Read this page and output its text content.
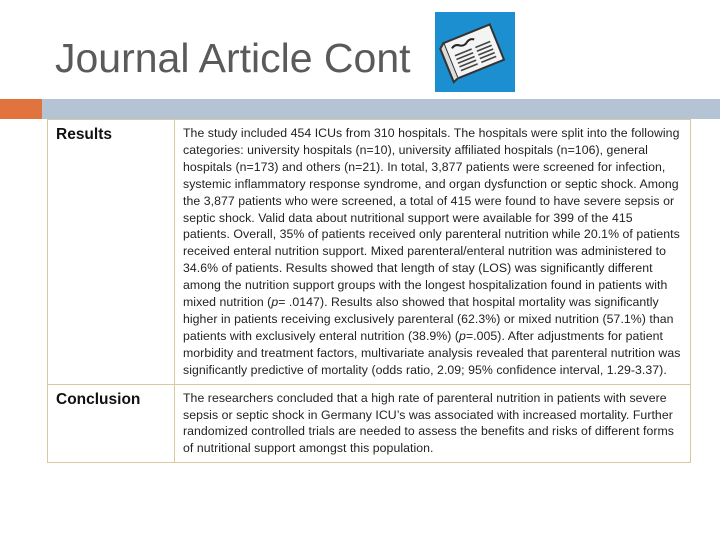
Journal Article Cont
Results	The study included 454 ICUs from 310 hospitals. The hospitals were split into the following categories: university hospitals (n=10), university affiliated hospitals (n=106), general hospitals (n=173) and others (n=21). In total, 3,877 patients were screened for infection, systemic inflammatory response syndrome, and organ dysfunction or septic shock. Among the 3,877 patients who were screened, a total of 415 were found to have severe sepsis or septic shock. Valid data about nutritional support were available for 399 of the 415 patients. Overall, 35% of patients received only parenteral nutrition while 20.1% of patients received enteral nutrition support. Mixed parenteral/enteral nutrition was administered to 34.6% of patients. Results showed that length of stay (LOS) was significantly different among the nutrition support groups with the longest hospitalization found in patients with mixed nutrition (p= .0147). Results also showed that hospital mortality was significantly higher in patients receiving exclusively parenteral (62.3%) or mixed nutrition (57.1%) than patients with exclusively enteral nutrition (38.9%) (p=.005). After adjustments for patient morbidity and treatment factors, multivariate analysis revealed that parenteral nutrition was significantly predictive of mortality (odds ratio, 2.09; 95% confidence interval, 1.29-3.37).
Conclusion	The researchers concluded that a high rate of parenteral nutrition in patients with severe sepsis or septic shock in Germany ICU’s was associated with increased mortality. Further randomized controlled trials are needed to assess the benefits and risks of different forms of nutritional support amongst this population.
